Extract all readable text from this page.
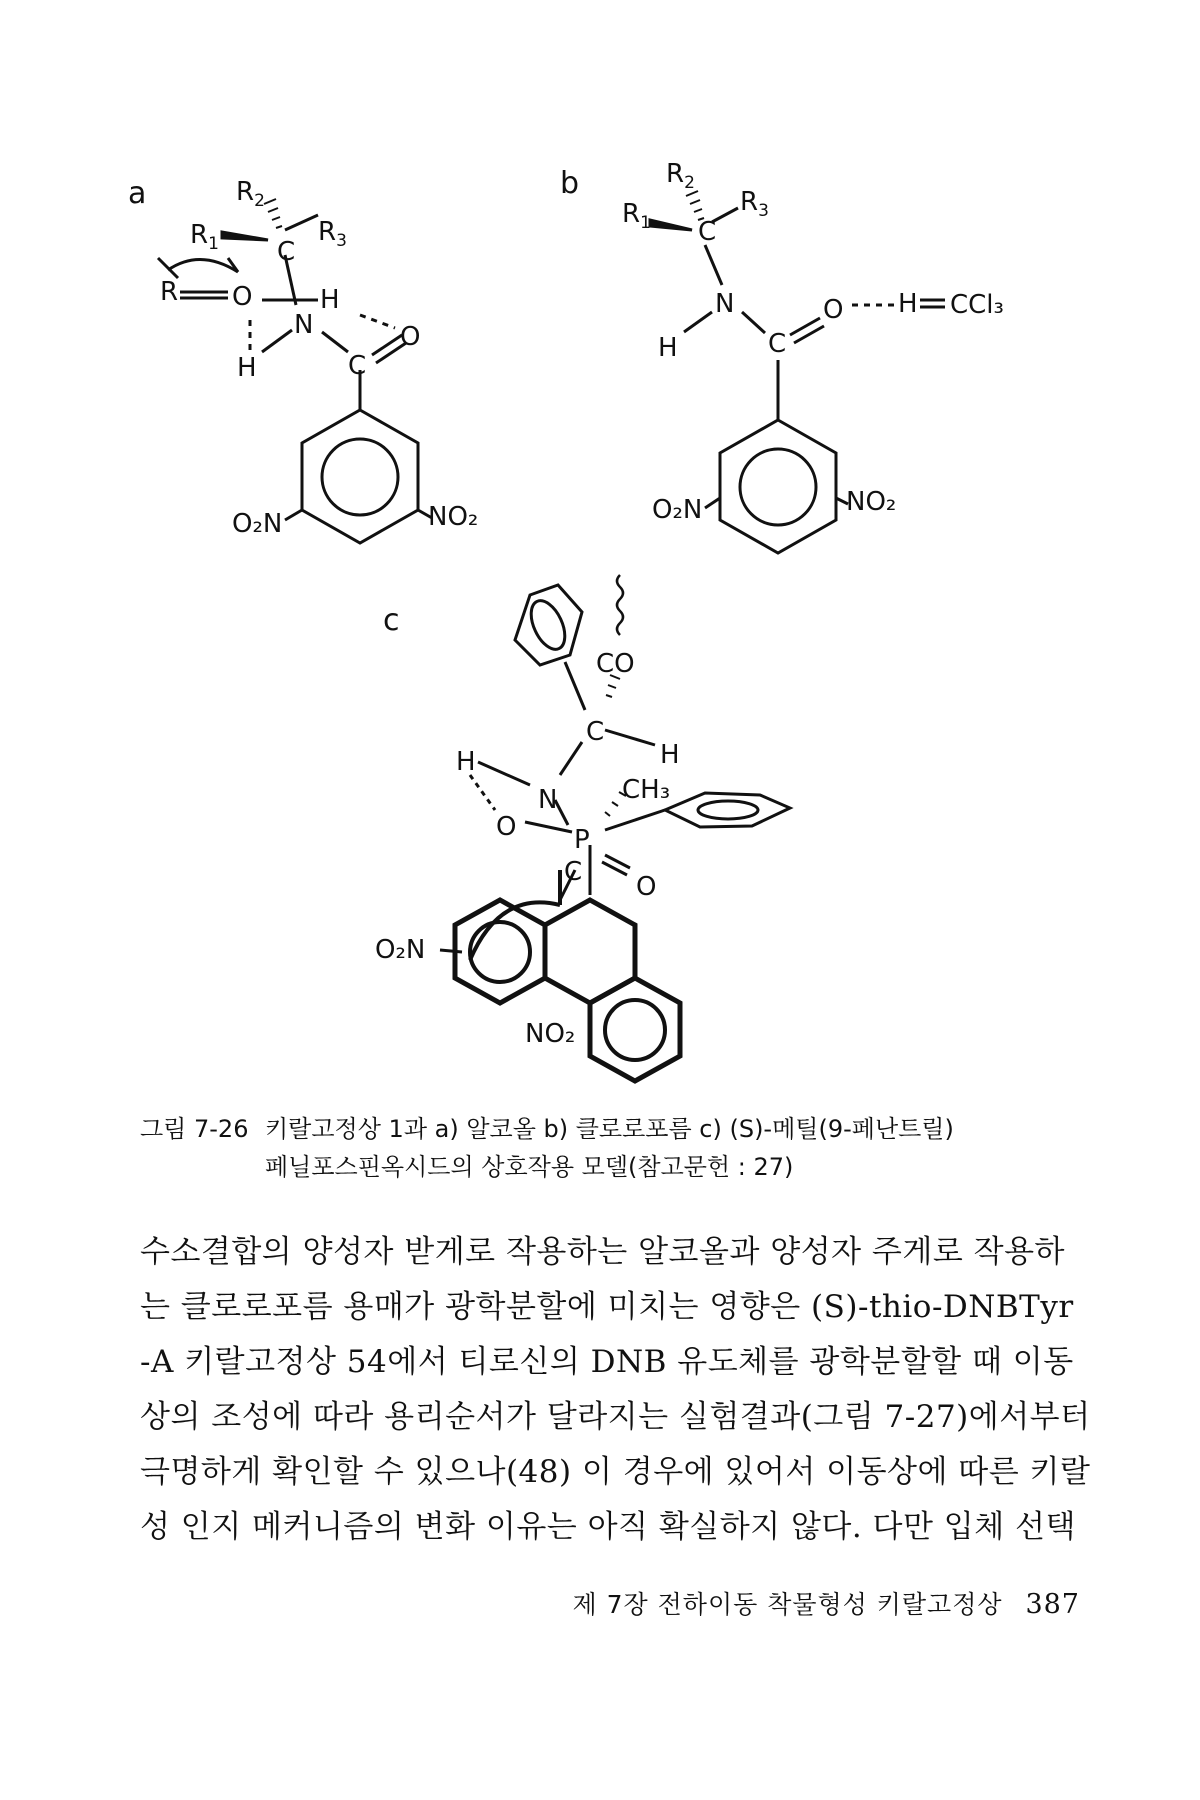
a	$R_2$
$R_1$	$R_3$
C
R O	H
N	O
H	C
O₂N	NO₂
b	$R_2$
$R_1$
$R_3$
C
N
H	C
O H CCl₃
O₂N	NO₂
c
CO
C
H
H
N CH₃
O P
C O
O₂N
NO₂
그림 7-26 키랄고정상 1과 a) 알코올 b) 클로로포름 c) (S)-메틸(9-페난트릴)
페닐포스핀옥시드의 상호작용 모델(참고문헌 : 27)
수소결합의 양성자 받게로 작용하는 알코올과 양성자 주게로 작용하
는 클로로포름 용매가 광학분할에 미치는 영향은 (S)-thio-DNBTyr
-A 키랄고정상 54에서 티로신의 DNB 유도체를 광학분할할 때 이동
상의 조성에 따라 용리순서가 달라지는 실험결과(그림 7-27)에서부터
극명하게 확인할 수 있으나(48) 이 경우에 있어서 이동상에 따른 키랄
성 인지 메커니즘의 변화 이유는 아직 확실하지 않다. 다만 입체 선택
제 7장 전하이동 착물형성 키랄고정상 387
